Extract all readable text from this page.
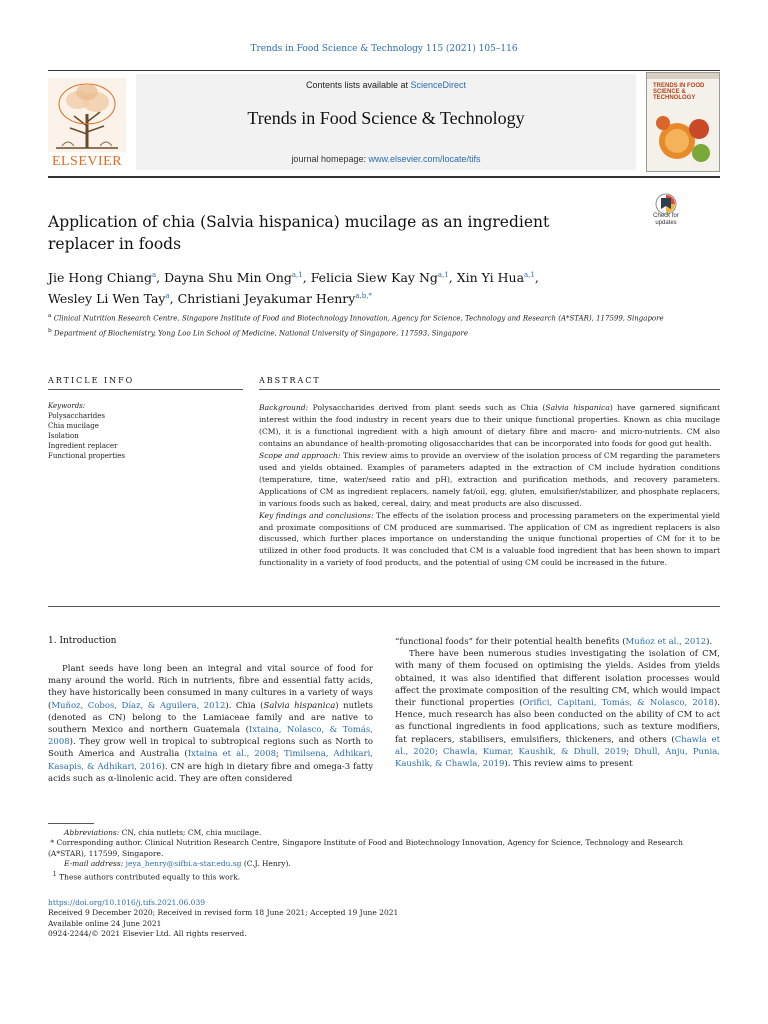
Trends in Food Science & Technology 115 (2021) 105–116
ELSEVIER
Contents lists available at ScienceDirect
Trends in Food Science & Technology
journal homepage: www.elsevier.com/locate/tifs
TRENDS IN FOOD SCIENCE & TECHNOLOGY
Application of chia (Salvia hispanica) mucilage as an ingredient replacer in foods
Check for updates
Jie Hong Chiang$^a$, Dayna Shu Min Ong$^{a,1}$, Felicia Siew Kay Ng$^{a,1}$, Xin Yi Hua$^{a,1}$,
Wesley Li Wen Tay$^a$, Christiani Jeyakumar Henry$^{a,b,*}$
$^a$ Clinical Nutrition Research Centre, Singapore Institute of Food and Biotechnology Innovation, Agency for Science, Technology and Research (A*STAR), 117599, Singapore
$^b$ Department of Biochemistry, Yong Loo Lin School of Medicine, National University of Singapore, 117593, Singapore
ARTICLE INFO	ABSTRACT
Keywords:
Polysaccharides
Chia mucilage
Isolation
Ingredient replacer
Functional properties

Background: Polysaccharides derived from plant seeds such as Chia (Salvia hispanica) have garnered significant interest within the food industry in recent years due to their unique functional properties. Known as chia mucilage (CM), it is a functional ingredient with a high amount of dietary fibre and macro- and micro-nutrients. CM also contains an abundance of health-promoting oligosaccharides that can be incorporated into foods for good gut health.

Scope and approach: This review aims to provide an overview of the isolation process of CM regarding the parameters used and yields obtained. Examples of parameters adapted in the extraction of CM include hydration conditions (temperature, time, water/seed ratio and pH), extraction and purification methods, and recovery parameters. Applications of CM as ingredient replacers, namely fat/oil, egg, gluten, emulsifier/stabilizer, and phosphate replacers, in various foods such as baked, cereal, dairy, and meat products are also discussed.

Key findings and conclusions: The effects of the isolation process and processing parameters on the experimental yield and proximate compositions of CM produced are summarised. The application of CM as ingredient replacers is also discussed, which further places importance on understanding the unique functional properties of CM for it to be utilized in other food products. It was concluded that CM is a valuable food ingredient that has been shown to impart functionality in a variety of food products, and the potential of using CM could be increased in the future.

1. Introduction

Plant seeds have long been an integral and vital source of food for many around the world. Rich in nutrients, fibre and essential fatty acids, they have historically been consumed in many cultures in a variety of ways (Muñoz, Cobos, Díaz, & Aguilera, 2012). Chia (Salvia hispanica) nutlets (denoted as CN) belong to the Lamiaceae family and are native to southern Mexico and northern Guatemala (Ixtaina, Nolasco, & Tomás, 2008). They grow well in tropical to subtropical regions such as North to South America and Australia (Ixtaina et al., 2008; Timilsena, Adhikari, Kasapis, & Adhikari, 2016). CN are high in dietary fibre and omega-3 fatty acids such as α-linolenic acid. They are often considered

“functional foods” for their potential health benefits (Muñoz et al., 2012).

There have been numerous studies investigating the isolation of CM, with many of them focused on optimising the yields. Asides from yields obtained, it was also identified that different isolation processes would affect the proximate composition of the resulting CM, which would impact their functional properties (Orifici, Capitani, Tomás, & Nolasco, 2018). Hence, much research has also been conducted on the ability of CM to act as functional ingredients in food applications, such as texture modifiers, fat replacers, stabilisers, emulsifiers, thickeners, and others (Chawla et al., 2020; Chawla, Kumar, Kaushik, & Dhull, 2019; Dhull, Anju, Punia, Kaushik, & Chawla, 2019). This review aims to present

Abbreviations: CN, chia nutlets; CM, chia mucilage.
* Corresponding author. Clinical Nutrition Research Centre, Singapore Institute of Food and Biotechnology Innovation, Agency for Science, Technology and Research (A*STAR), 117599, Singapore.
E-mail address: jeya_henry@sifbi.a-star.edu.sg (C.J. Henry).
$^1$ These authors contributed equally to this work.
https://doi.org/10.1016/j.tifs.2021.06.039
Received 9 December 2020; Received in revised form 18 June 2021; Accepted 19 June 2021
Available online 24 June 2021
0924-2244/© 2021 Elsevier Ltd. All rights reserved.
